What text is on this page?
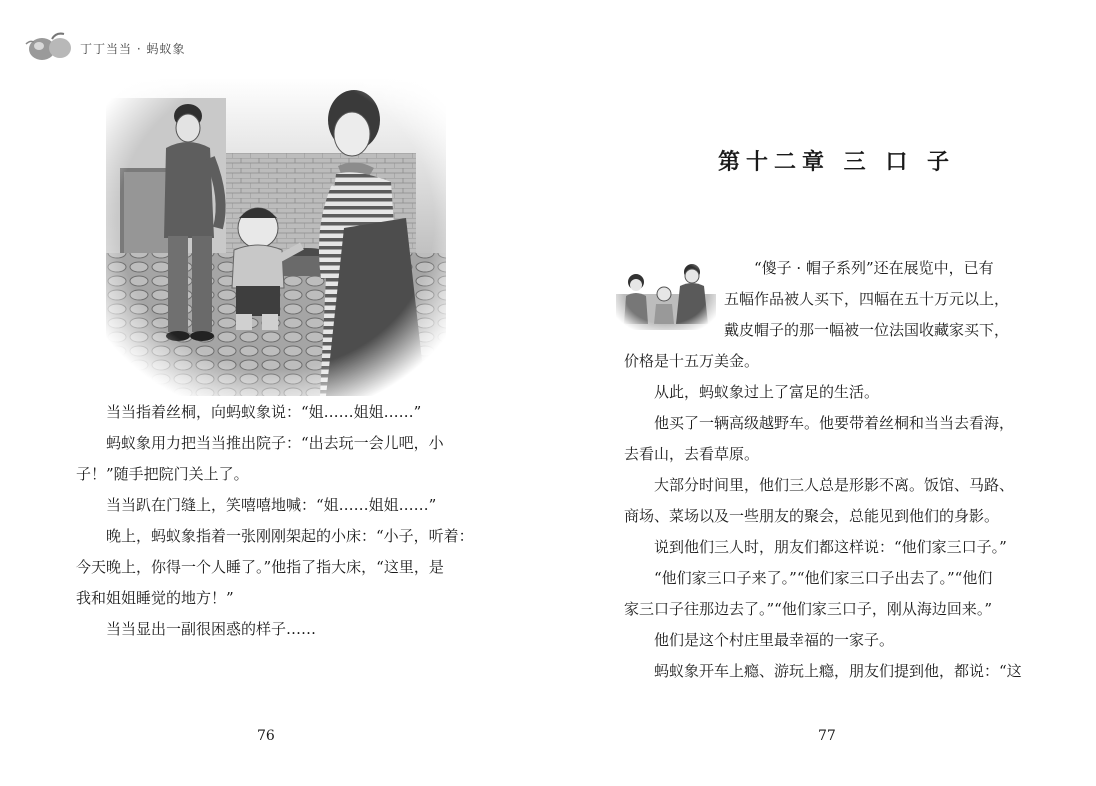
丁丁当当 · 蚂蚁象

当当指着丝桐，向蚂蚁象说：“姐……姐姐……”

蚂蚁象用力把当当推出院子：“出去玩一会儿吧，小

子！”随手把院门关上了。

当当趴在门缝上，笑嘻嘻地喊：“姐……姐姐……”

晚上，蚂蚁象指着一张刚刚架起的小床：“小子，听着：

今天晚上，你得一个人睡了。”他指了指大床，“这里，是

我和姐姐睡觉的地方！”

当当显出一副很困惑的样子……

76
第十二章 三 口 子

“傻子 · 帽子系列”还在展览中，已有

五幅作品被人买下，四幅在五十万元以上，

戴皮帽子的那一幅被一位法国收藏家买下，

价格是十五万美金。

从此，蚂蚁象过上了富足的生活。

他买了一辆高级越野车。他要带着丝桐和当当去看海，

去看山，去看草原。

大部分时间里，他们三人总是形影不离。饭馆、马路、

商场、菜场以及一些朋友的聚会，总能见到他们的身影。

说到他们三人时，朋友们都这样说：“他们家三口子。”

“他们家三口子来了。”“他们家三口子出去了。”“他们

家三口子往那边去了。”“他们家三口子，刚从海边回来。”

他们是这个村庄里最幸福的一家子。

蚂蚁象开车上瘾、游玩上瘾，朋友们提到他，都说：“这

77
